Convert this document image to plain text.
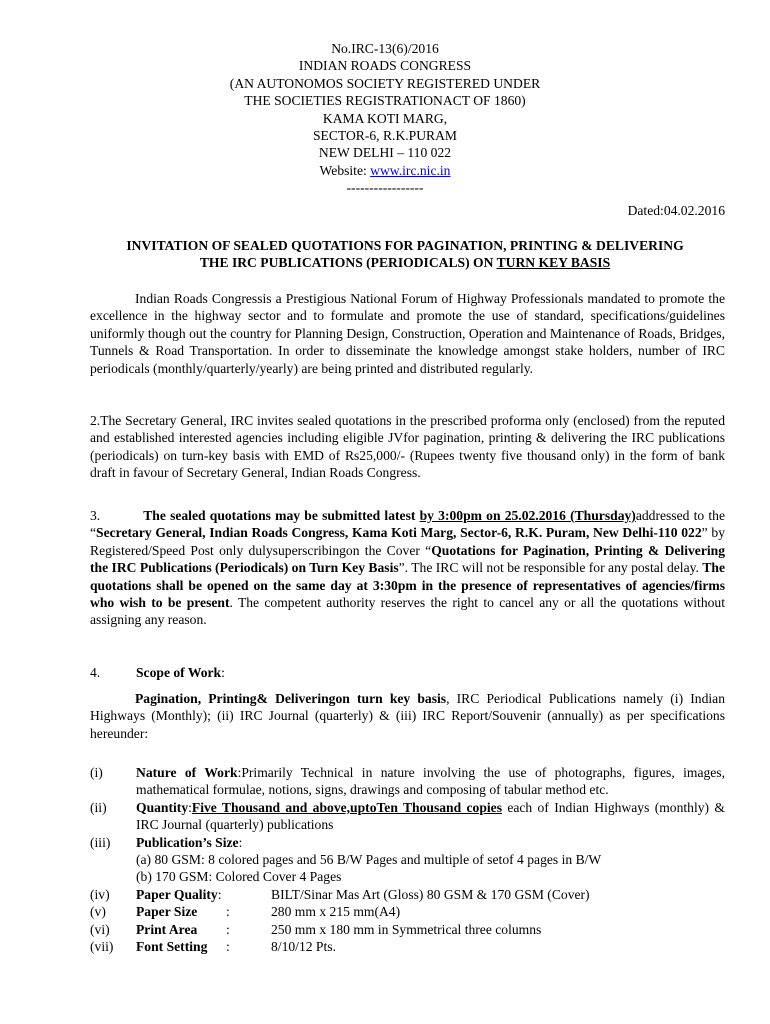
No.IRC-13(6)/2016
INDIAN ROADS CONGRESS
(AN AUTONOMOS SOCIETY REGISTERED UNDER
THE SOCIETIES REGISTRATIONACT OF 1860)
KAMA KOTI MARG,
SECTOR-6, R.K.PURAM
NEW DELHI – 110 022
Website: www.irc.nic.in
-----------------
Dated:04.02.2016
INVITATION OF SEALED QUOTATIONS FOR PAGINATION, PRINTING & DELIVERING
THE IRC PUBLICATIONS (PERIODICALS) ON TURN KEY BASIS

Indian Roads Congressis a Prestigious National Forum of Highway Professionals mandated to promote the excellence in the highway sector and to formulate and promote the use of standard, specifications/guidelines uniformly though out the country for Planning Design, Construction, Operation and Maintenance of Roads, Bridges, Tunnels & Road Transportation. In order to disseminate the knowledge amongst stake holders, number of IRC periodicals (monthly/quarterly/yearly) are being printed and distributed regularly.

2.The Secretary General, IRC invites sealed quotations in the prescribed proforma only (enclosed) from the reputed and established interested agencies including eligible JVfor pagination, printing & delivering the IRC publications (periodicals) on turn-key basis with EMD of Rs25,000/- (Rupees twenty five thousand only) in the form of bank draft in favour of Secretary General, Indian Roads Congress.

3.	The sealed quotations may be submitted latest by 3:00pm on 25.02.2016 (Thursday)addressed to the “Secretary General, Indian Roads Congress, Kama Koti Marg, Sector-6, R.K. Puram, New Delhi-110 022” by Registered/Speed Post only dulysuperscribingon the Cover “Quotations for Pagination, Printing & Delivering the IRC Publications (Periodicals) on Turn Key Basis”. The IRC will not be responsible for any postal delay. The quotations shall be opened on the same day at 3:30pm in the presence of representatives of agencies/firms who wish to be present. The competent authority reserves the right to cancel any or all the quotations without assigning any reason.

4.	Scope of Work:

Pagination, Printing& Deliveringon turn key basis, IRC Periodical Publications namely (i) Indian Highways (Monthly); (ii) IRC Journal (quarterly) & (iii) IRC Report/Souvenir (annually) as per specifications hereunder:

(i) Nature of Work:Primarily Technical in nature involving the use of photographs, figures, images, mathematical formulae, notions, signs, drawings and composing of tabular method etc.
(ii) Quantity:Five Thousand and above,uptoTen Thousand copies each of Indian Highways (monthly) & IRC Journal (quarterly) publications
(iii) Publication’s Size:
(a) 80 GSM: 8 colored pages and 56 B/W Pages and multiple of setof 4 pages in B/W
(b) 170 GSM: Colored Cover 4 Pages
(iv) Paper Quality:	BILT/Sinar Mas Art (Gloss) 80 GSM & 170 GSM (Cover)
(v) Paper Size :	280 mm x 215 mm(A4)
(vi) Print Area :	250 mm x 180 mm in Symmetrical three columns
(vii) Font Setting :	8/10/12 Pts.
